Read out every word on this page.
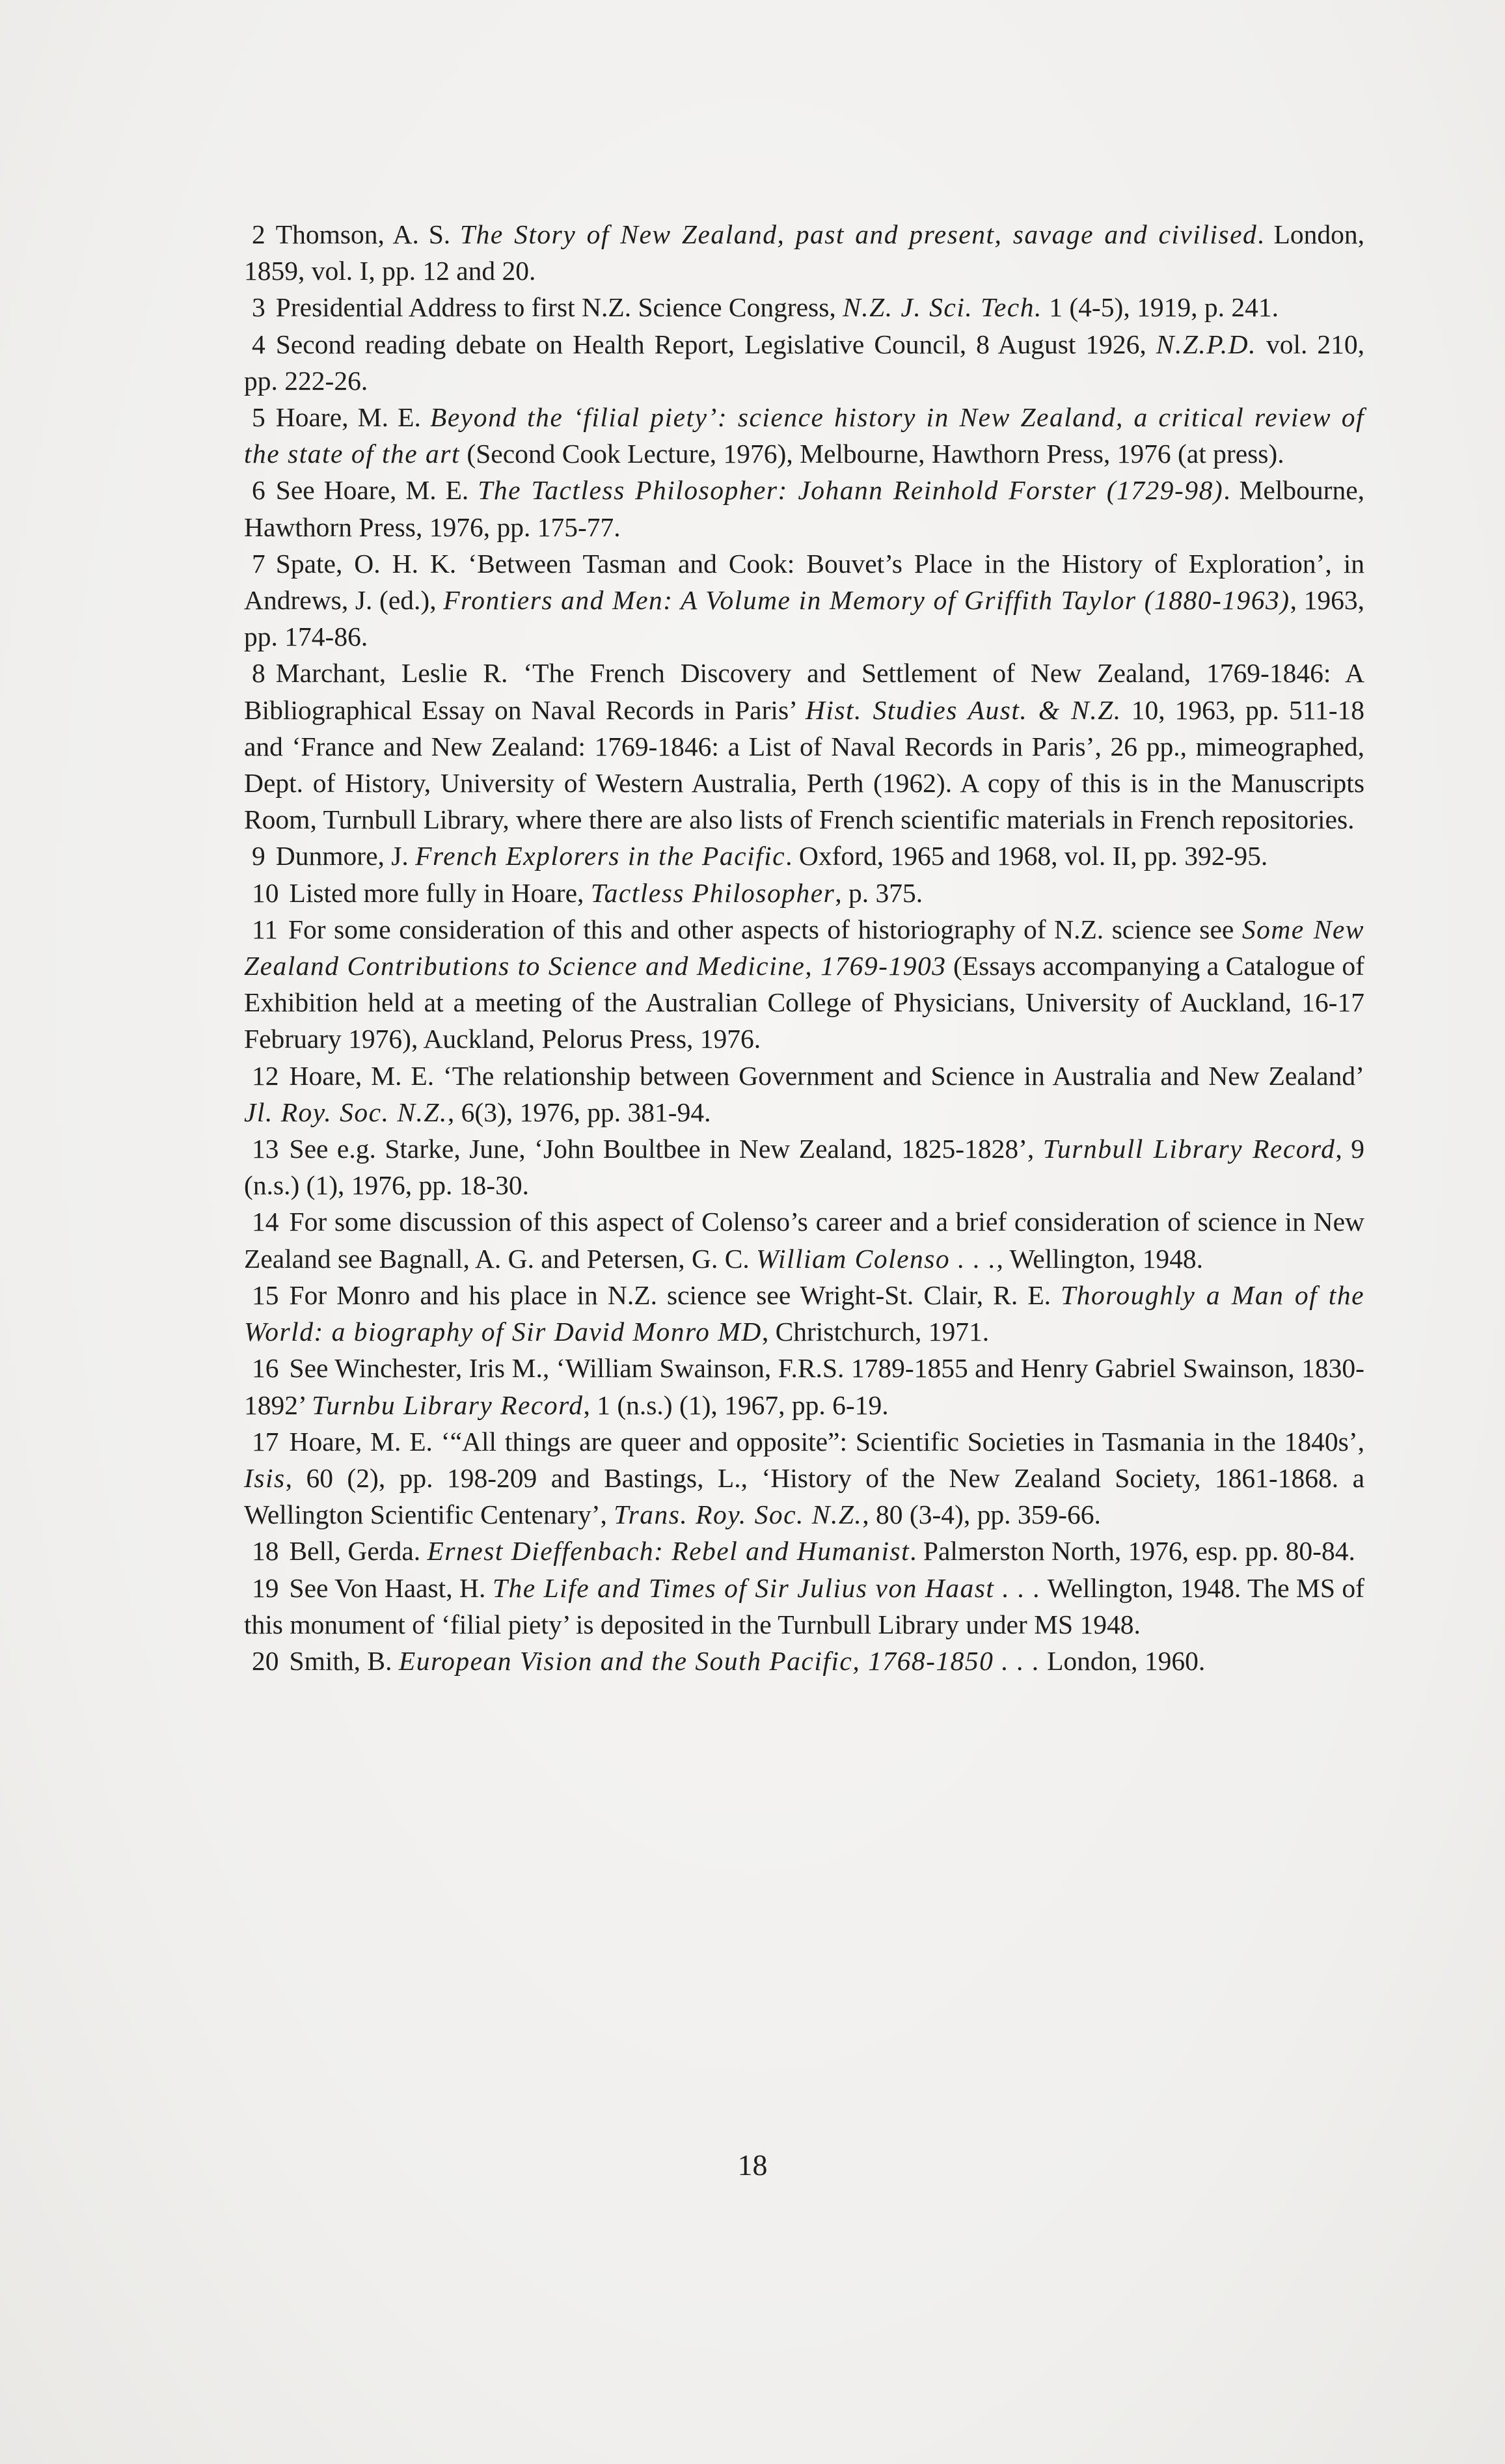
2 Thomson, A. S. The Story of New Zealand, past and present, savage and civilised. London, 1859, vol. I, pp. 12 and 20.

3 Presidential Address to first N.Z. Science Congress, N.Z. J. Sci. Tech. 1 (4-5), 1919, p. 241.

4 Second reading debate on Health Report, Legislative Council, 8 August 1926, N.Z.P.D. vol. 210, pp. 222-26.

5 Hoare, M. E. Beyond the ‘filial piety’: science history in New Zealand, a critical review of the state of the art (Second Cook Lecture, 1976), Melbourne, Hawthorn Press, 1976 (at press).

6 See Hoare, M. E. The Tactless Philosopher: Johann Reinhold Forster (1729-98). Melbourne, Hawthorn Press, 1976, pp. 175-77.

7 Spate, O. H. K. ‘Between Tasman and Cook: Bouvet’s Place in the History of Exploration’, in Andrews, J. (ed.), Frontiers and Men: A Volume in Memory of Griffith Taylor (1880-1963), 1963, pp. 174-86.

8 Marchant, Leslie R. ‘The French Discovery and Settlement of New Zealand, 1769-1846: A Bibliographical Essay on Naval Records in Paris’ Hist. Studies Aust. & N.Z. 10, 1963, pp. 511-18 and ‘France and New Zealand: 1769-1846: a List of Naval Records in Paris’, 26 pp., mimeographed, Dept. of History, University of Western Australia, Perth (1962). A copy of this is in the Manuscripts Room, Turnbull Library, where there are also lists of French scientific materials in French repositories.

9 Dunmore, J. French Explorers in the Pacific. Oxford, 1965 and 1968, vol. II, pp. 392-95.

10 Listed more fully in Hoare, Tactless Philosopher, p. 375.

11 For some consideration of this and other aspects of historiography of N.Z. science see Some New Zealand Contributions to Science and Medicine, 1769-1903 (Essays accompanying a Catalogue of Exhibition held at a meeting of the Australian College of Physicians, University of Auckland, 16-17 February 1976), Auckland, Pelorus Press, 1976.

12 Hoare, M. E. ‘The relationship between Government and Science in Australia and New Zealand’ Jl. Roy. Soc. N.Z., 6(3), 1976, pp. 381-94.

13 See e.g. Starke, June, ‘John Boultbee in New Zealand, 1825-1828’, Turnbull Library Record, 9 (n.s.) (1), 1976, pp. 18-30.

14 For some discussion of this aspect of Colenso’s career and a brief consideration of science in New Zealand see Bagnall, A. G. and Petersen, G. C. William Colenso . . ., Wellington, 1948.

15 For Monro and his place in N.Z. science see Wright-St. Clair, R. E. Thoroughly a Man of the World: a biography of Sir David Monro MD, Christchurch, 1971.

16 See Winchester, Iris M., ‘William Swainson, F.R.S. 1789-1855 and Henry Gabriel Swainson, 1830-1892’ Turnbu Library Record, 1 (n.s.) (1), 1967, pp. 6-19.

17 Hoare, M. E. ‘“All things are queer and opposite”: Scientific Societies in Tasmania in the 1840s’, Isis, 60 (2), pp. 198-209 and Bastings, L., ‘History of the New Zealand Society, 1861-1868. a Wellington Scientific Centenary’, Trans. Roy. Soc. N.Z., 80 (3-4), pp. 359-66.

18 Bell, Gerda. Ernest Dieffenbach: Rebel and Humanist. Palmerston North, 1976, esp. pp. 80-84.

19 See Von Haast, H. The Life and Times of Sir Julius von Haast . . . Wellington, 1948. The MS of this monument of ‘filial piety’ is deposited in the Turnbull Library under MS 1948.

20 Smith, B. European Vision and the South Pacific, 1768-1850 . . . London, 1960.

18
